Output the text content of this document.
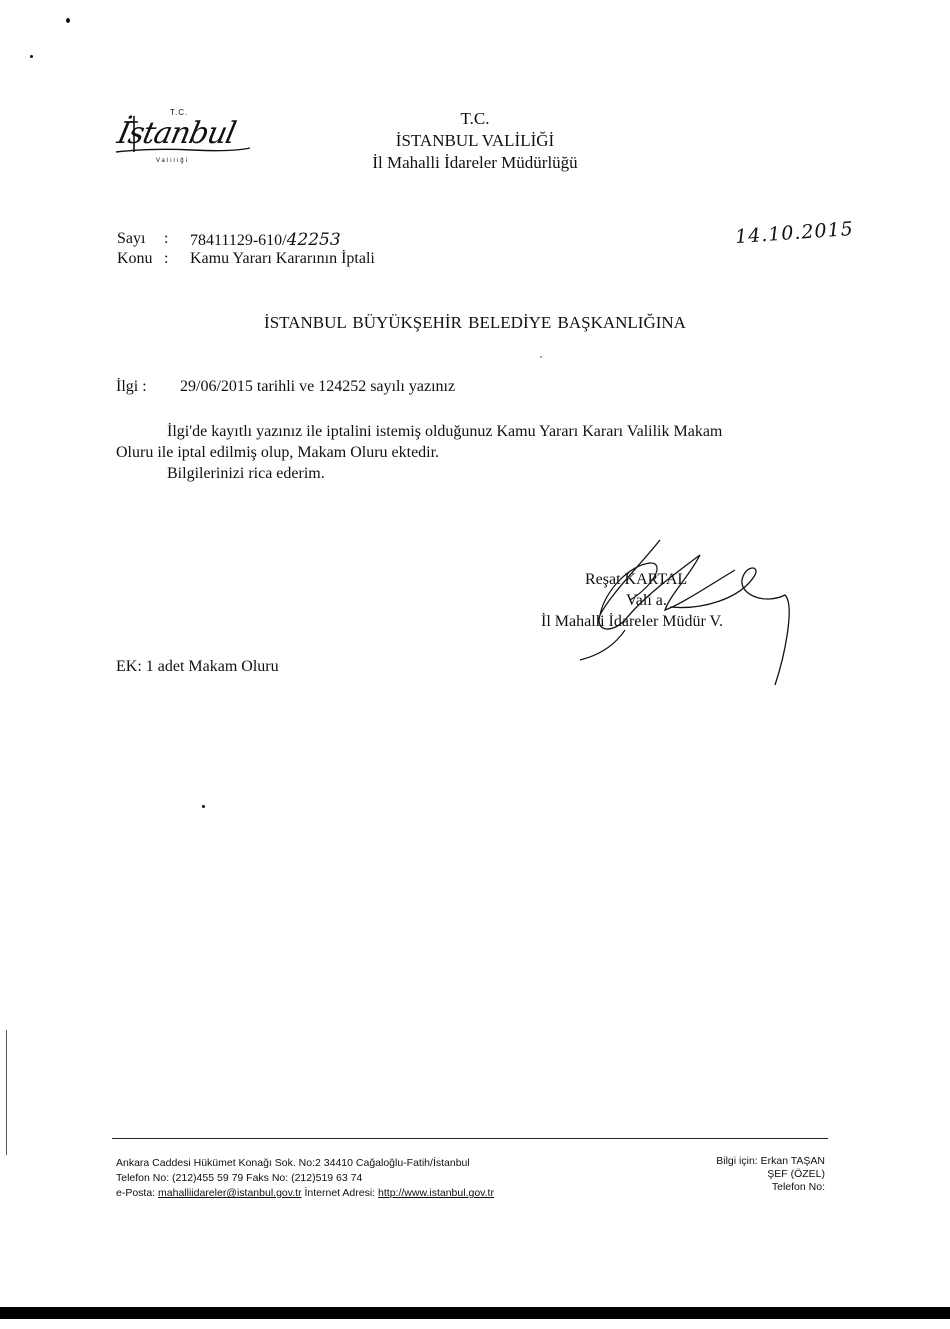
T.C.
İstanbul
Valiliği
T.C.
İSTANBUL VALİLİĞİ
İl Mahalli İdareler Müdürlüğü
Sayı : 78411129-610/42253
Konu : Kamu Yararı Kararının İptali
14.10.2015
İSTANBUL BÜYÜKŞEHİR BELEDİYE BAŞKANLIĞINA
İlgi : 29/06/2015 tarihli ve 124252 sayılı yazınız
İlgi'de kayıtlı yazınız ile iptalini istemiş olduğunuz Kamu Yararı Kararı Valilik Makam
Oluru ile iptal edilmiş olup, Makam Oluru ektedir.
Bilgilerinizi rica ederim.
Reşat KARTAL
Vali a.
İl Mahalli İdareler Müdür V.
EK: 1 adet Makam Oluru
Ankara Caddesi Hükümet Konağı Sok. No:2 34410 Cağaloğlu-Fatih/İstanbul
Telefon No: (212)455 59 79 Faks No: (212)519 63 74
e-Posta: mahalliidareler@istanbul.gov.tr İnternet Adresi: http://www.istanbul.gov.tr
Bilgi için: Erkan TAŞAN
ŞEF (ÖZEL)
Telefon No:
